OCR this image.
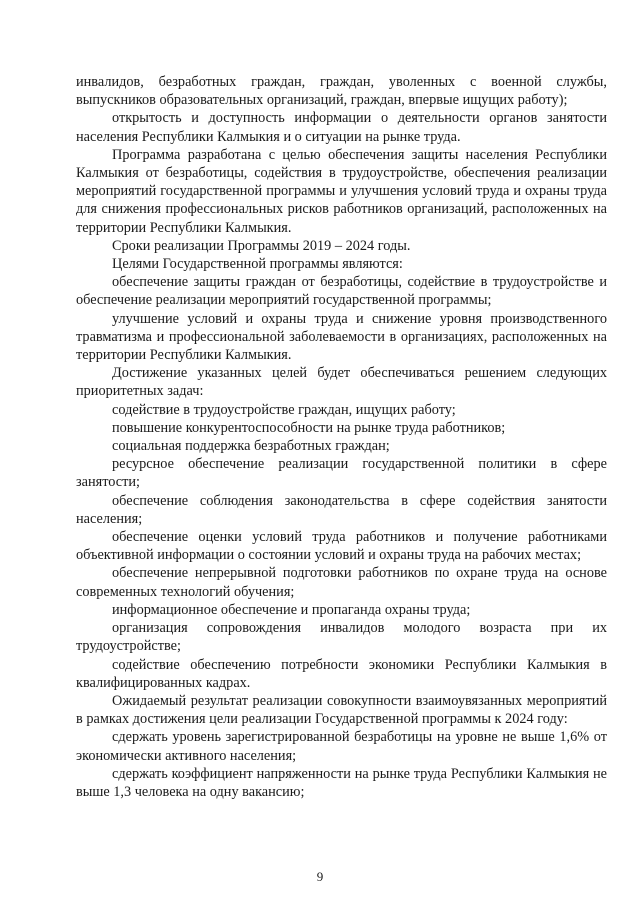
инвалидов, безработных граждан, граждан, уволенных с военной службы, выпускников образовательных организаций, граждан, впервые ищущих работу);

открытость и доступность информации о деятельности органов занятости населения Республики Калмыкия и о ситуации на рынке труда.

Программа разработана с целью обеспечения защиты населения Республики Калмыкия от безработицы, содействия в трудоустройстве, обеспечения реализации мероприятий государственной программы и улучшения условий труда и охраны труда для снижения профессиональных рисков работников организаций, расположенных на территории Республики Калмыкия.

Сроки реализации Программы 2019 – 2024 годы.

Целями Государственной программы являются:

обеспечение защиты граждан от безработицы, содействие в трудоустройстве и обеспечение реализации мероприятий государственной программы;

улучшение условий и охраны труда и снижение уровня производственного травматизма и профессиональной заболеваемости в организациях, расположенных на территории Республики Калмыкия.

Достижение указанных целей будет обеспечиваться решением следующих приоритетных задач:

содействие в трудоустройстве граждан, ищущих работу;

повышение конкурентоспособности на рынке труда работников;

социальная поддержка безработных граждан;

ресурсное обеспечение реализации государственной политики в сфере занятости;

обеспечение соблюдения законодательства в сфере содействия занятости населения;

обеспечение оценки условий труда работников и получение работниками объективной информации о состоянии условий и охраны труда на рабочих местах;

обеспечение непрерывной подготовки работников по охране труда на основе современных технологий обучения;

информационное обеспечение и пропаганда охраны труда;

организация сопровождения инвалидов молодого возраста при их трудоустройстве;

содействие обеспечению потребности экономики Республики Калмыкия в квалифицированных кадрах.

Ожидаемый результат реализации совокупности взаимоувязанных мероприятий в рамках достижения цели реализации Государственной программы к 2024 году:

сдержать уровень зарегистрированной безработицы на уровне не выше 1,6% от экономически активного населения;

сдержать коэффициент напряженности на рынке труда Республики Калмыкия не выше 1,3 человека на одну вакансию;

9
